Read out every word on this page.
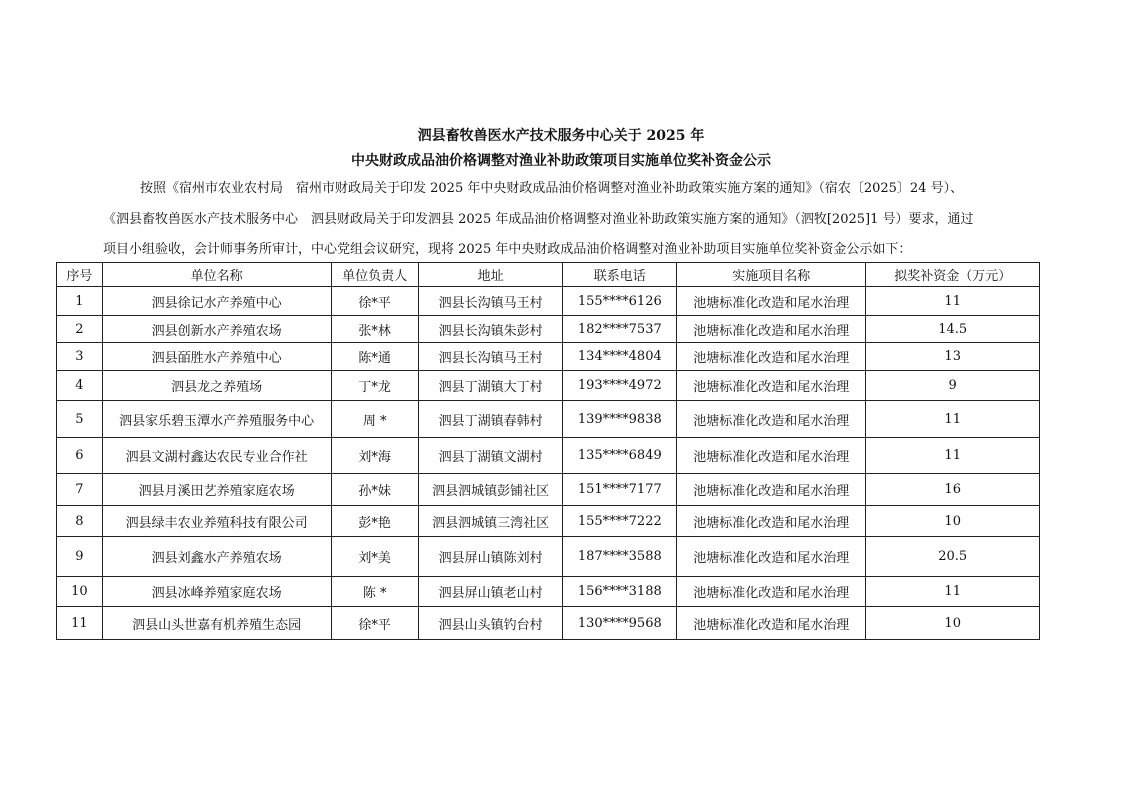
泗县畜牧兽医水产技术服务中心关于 2025 年
中央财政成品油价格调整对渔业补助政策项目实施单位奖补资金公示
按照《宿州市农业农村局　宿州市财政局关于印发 2025 年中央财政成品油价格调整对渔业补助政策实施方案的通知》（宿农〔2025〕24 号）、
《泗县畜牧兽医水产技术服务中心　泗县财政局关于印发泗县 2025 年成品油价格调整对渔业补助政策实施方案的通知》（泗牧[2025]1 号）要求，通过
项目小组验收，会计师事务所审计，中心党组会议研究，现将 2025 年中央财政成品油价格调整对渔业补助项目实施单位奖补资金公示如下：
序号	单位名称	单位负责人	地址	联系电话	实施项目名称	拟奖补资金（万元）
1	泗县徐记水产养殖中心	徐*平	泗县长沟镇马王村	155****6126	池塘标准化改造和尾水治理	11
2	泗县创新水产养殖农场	张*林	泗县长沟镇朱彭村	182****7537	池塘标准化改造和尾水治理	14.5
3	泗县皕胜水产养殖中心	陈*通	泗县长沟镇马王村	134****4804	池塘标准化改造和尾水治理	13
4	泗县龙之养殖场	丁*龙	泗县丁湖镇大丁村	193****4972	池塘标准化改造和尾水治理	9
5	泗县家乐碧玉潭水产养殖服务中心	周 *	泗县丁湖镇春韩村	139****9838	池塘标准化改造和尾水治理	11
6	泗县文湖村鑫达农民专业合作社	刘*海	泗县丁湖镇文湖村	135****6849	池塘标准化改造和尾水治理	11
7	泗县月溪田艺养殖家庭农场	孙*妹	泗县泗城镇彭铺社区	151****7177	池塘标准化改造和尾水治理	16
8	泗县绿丰农业养殖科技有限公司	彭*艳	泗县泗城镇三湾社区	155****7222	池塘标准化改造和尾水治理	10
9	泗县刘鑫水产养殖农场	刘*美	泗县屏山镇陈刘村	187****3588	池塘标准化改造和尾水治理	20.5
10	泗县冰峰养殖家庭农场	陈 *	泗县屏山镇老山村	156****3188	池塘标准化改造和尾水治理	11
11	泗县山头世嘉有机养殖生态园	徐*平	泗县山头镇钓台村	130****9568	池塘标准化改造和尾水治理	10
